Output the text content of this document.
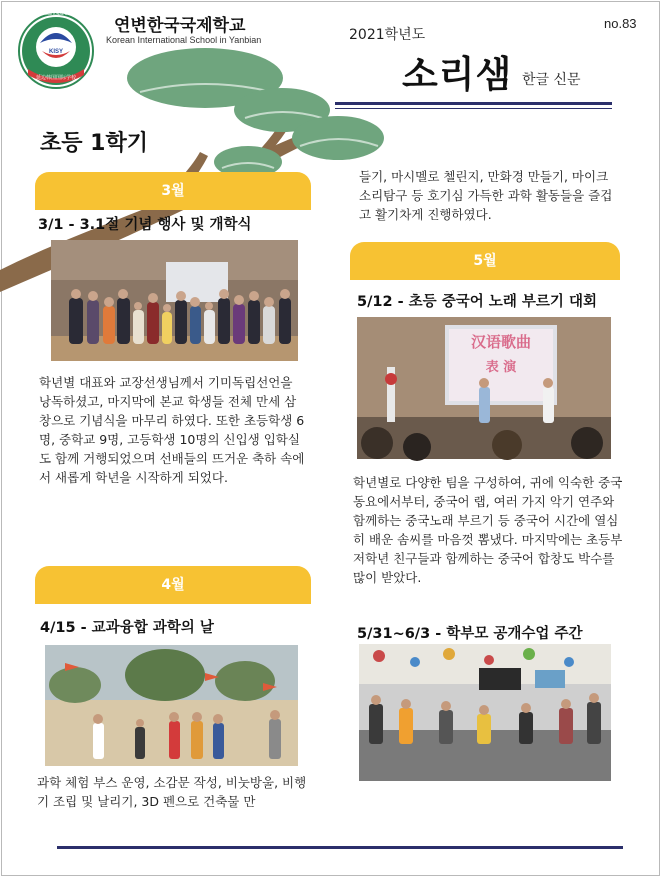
KISY
延边韩国国际学校
KOREAN INTERNATIONAL SCHOOL IN YANBIAN
연변한국국제학교
Korean International School in Yanbian
no.83
2021학년도
소리샘 한글 신문
초등 1학기
3월
3/1 - 3.1절 기념 행사 및 개학식

학년별 대표와 교장선생님께서 기미독립선언을 낭독하셨고, 마지막에 본교 학생들 전체 만세 삼창으로 기념식을 마무리 하였다. 또한 초등학생 6명, 중학교 9명, 고등학생 10명의 신입생 입학실도 함께 거행되었으며 선배들의 뜨거운 축하 속에서 새롭게 학년을 시작하게 되었다.

4월
4/15 - 교과융합 과학의 날

과학 체험 부스 운영, 소감문 작성, 비눗방울, 비행기 조립 및 날리기, 3D 펜으로 건축물 만

들기, 마시멜로 첼린지, 만화경 만들기, 마이크 소리탐구 등 호기심 가득한 과학 활동들을 즐겁고 활기차게 진행하였다.

5월
5/12 - 초등 중국어 노래 부르기 대회
汉语歌曲
表 演

학년별로 다양한 팀을 구성하여, 귀에 익숙한 중국 동요에서부터, 중국어 랩, 여러 가지 악기 연주와 함께하는 중국노래 부르기 등 중국어 시간에 열심히 배운 솜씨를 마음껏 뽐냈다. 마지막에는 초등부 저학년 친구들과 함께하는 중국어 합창도 박수를 많이 받았다.

5/31~6/3 - 학부모 공개수업 주간
